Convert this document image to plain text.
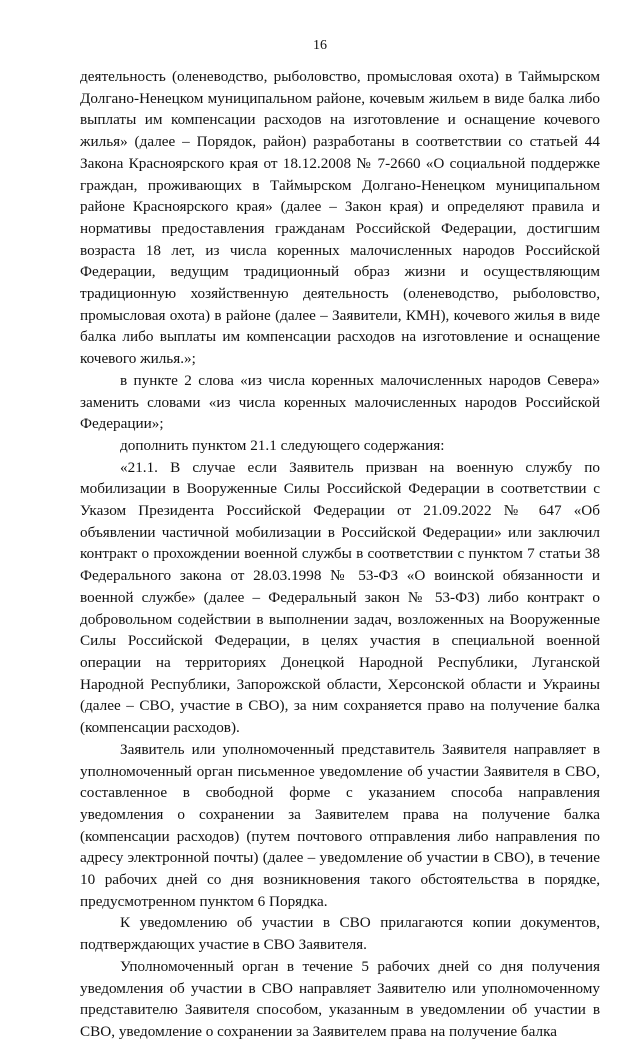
16

деятельность (оленеводство, рыболовство, промысловая охота) в Таймырском Долгано-Ненецком муниципальном районе, кочевым жильем в виде балка либо выплаты им компенсации расходов на изготовление и оснащение кочевого жилья» (далее – Порядок, район) разработаны в соответствии со статьей 44 Закона Красноярского края от 18.12.2008 № 7-2660 «О социальной поддержке граждан, проживающих в Таймырском Долгано-Ненецком муниципальном районе Красноярского края» (далее – Закон края) и определяют правила и нормативы предоставления гражданам Российской Федерации, достигшим возраста 18 лет, из числа коренных малочисленных народов Российской Федерации, ведущим традиционный образ жизни и осуществляющим традиционную хозяйственную деятельность (оленеводство, рыболовство, промысловая охота) в районе (далее – Заявители, КМН), кочевого жилья в виде балка либо выплаты им компенсации расходов на изготовление и оснащение кочевого жилья.»;

в пункте 2 слова «из числа коренных малочисленных народов Севера» заменить словами «из числа коренных малочисленных народов Российской Федерации»;

дополнить пунктом 21.1 следующего содержания:

«21.1. В случае если Заявитель призван на военную службу по мобилизации в Вооруженные Силы Российской Федерации в соответствии с Указом Президента Российской Федерации от 21.09.2022 № 647 «Об объявлении частичной мобилизации в Российской Федерации» или заключил контракт о прохождении военной службы в соответствии с пунктом 7 статьи 38 Федерального закона от 28.03.1998 № 53-ФЗ «О воинской обязанности и военной службе» (далее – Федеральный закон № 53-ФЗ) либо контракт о добровольном содействии в выполнении задач, возложенных на Вооруженные Силы Российской Федерации, в целях участия в специальной военной операции на территориях Донецкой Народной Республики, Луганской Народной Республики, Запорожской области, Херсонской области и Украины (далее – СВО, участие в СВО), за ним сохраняется право на получение балка (компенсации расходов).

Заявитель или уполномоченный представитель Заявителя направляет в уполномоченный орган письменное уведомление об участии Заявителя в СВО, составленное в свободной форме с указанием способа направления уведомления о сохранении за Заявителем права на получение балка (компенсации расходов) (путем почтового отправления либо направления по адресу электронной почты) (далее – уведомление об участии в СВО), в течение 10 рабочих дней со дня возникновения такого обстоятельства в порядке, предусмотренном пунктом 6 Порядка.

К уведомлению об участии в СВО прилагаются копии документов, подтверждающих участие в СВО Заявителя.

Уполномоченный орган в течение 5 рабочих дней со дня получения уведомления об участии в СВО направляет Заявителю или уполномоченному представителю Заявителя способом, указанным в уведомлении об участии в СВО, уведомление о сохранении за Заявителем права на получение балка
